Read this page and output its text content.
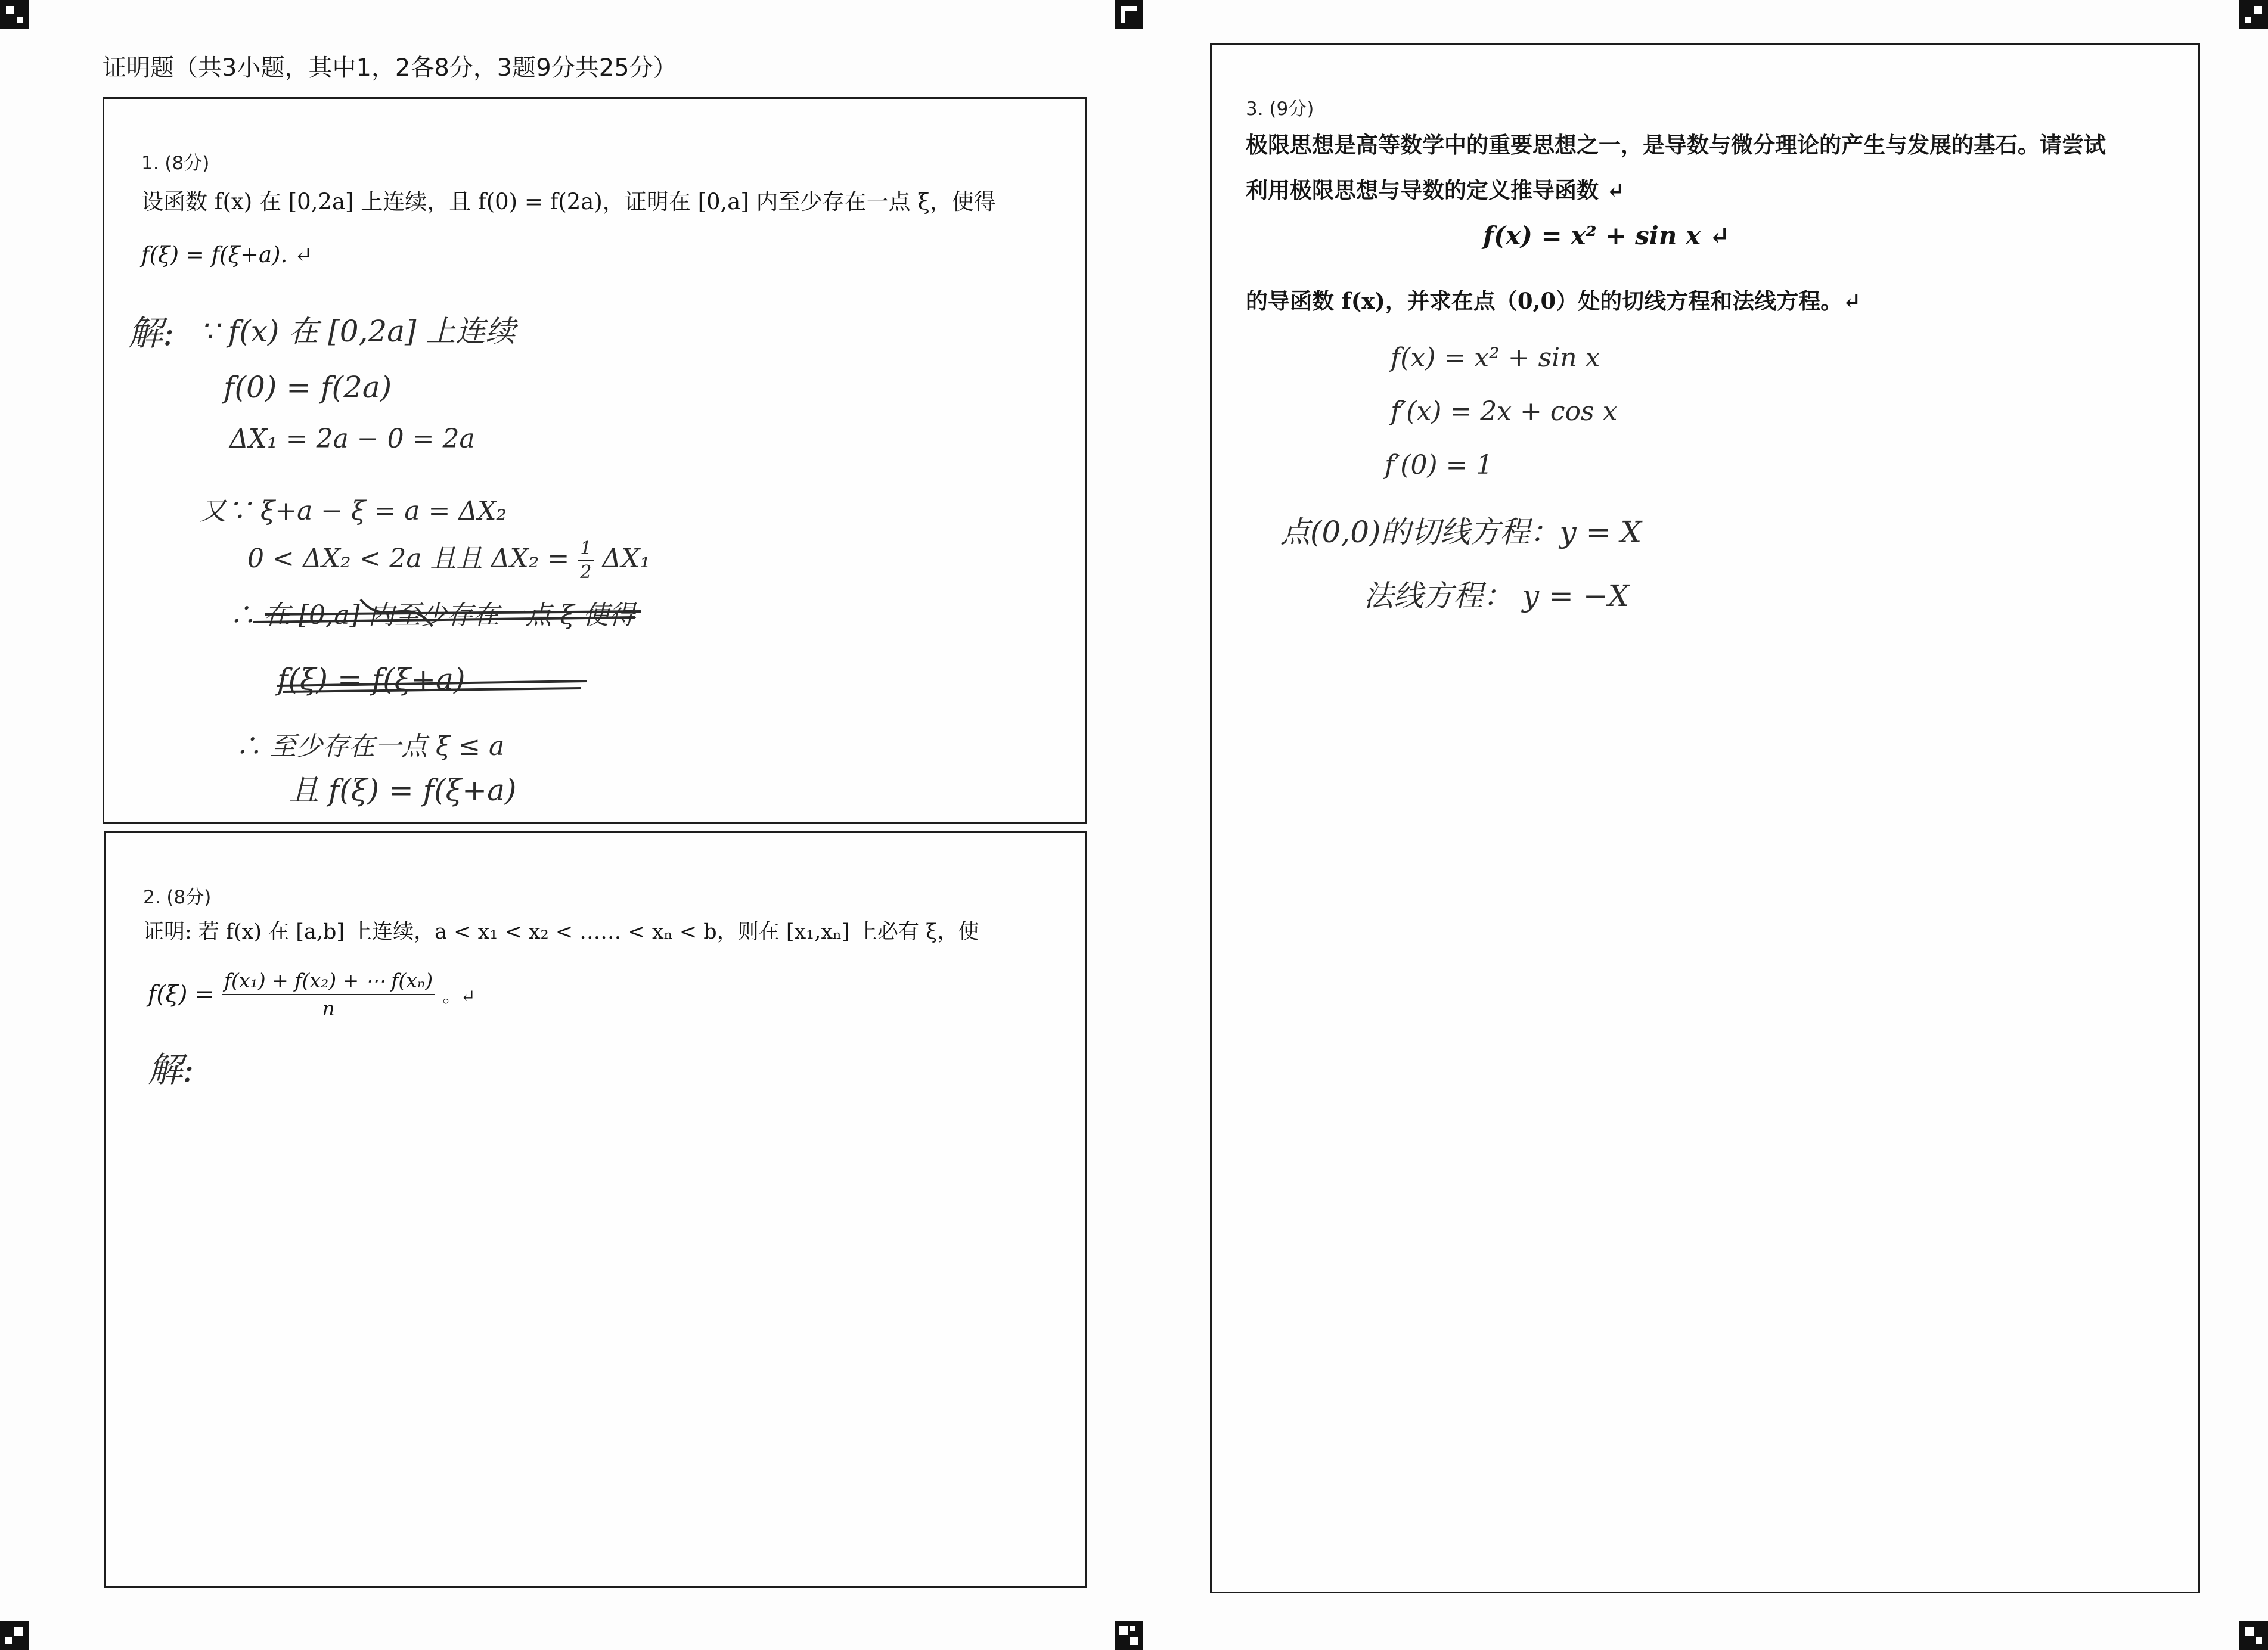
证明题（共3小题，其中1，2各8分，3题9分共25分）
1. (8分)
设函数 f(x) 在 [0,2a] 上连续，且 f(0) = f(2a)，证明在 [0,a] 内至少存在一点 ξ，使得
f(ξ) = f(ξ+a). ↵
解: ∵ f(x) 在 [0,2a] 上连续
f(0) = f(2a)
ΔX₁ = 2a − 0 = 2a
又∵ ξ+a − ξ = a = ΔX₂
0 < ΔX₂ < 2a 且且 $\Delta X_2 = \frac{1}{2} \Delta X_1$
∴ 在 [0,a] 内至少存在一点 ξ 使得
f(ξ) = f(ξ+a)
∴ 至少存在一点 ξ ≤ a
且 f(ξ) = f(ξ+a)
2. (8分)
证明: 若 f(x) 在 [a,b] 上连续，a < x₁ < x₂ < …… < xₙ < b，则在 [x₁,xₙ] 上必有 ξ，使
$f(\xi) = \frac{\text{f(x₁) + f(x₂) + ⋯ f(xₙ)}}{n}$ 。↵
解:
3. (9分)
极限思想是高等数学中的重要思想之一，是导数与微分理论的产生与发展的基石。请尝试
利用极限思想与导数的定义推导函数 ↵
f(x) = x² + sin x ↵
的导函数 f(x)，并求在点（0,0）处的切线方程和法线方程。↵
f(x) = x² + sin x
f′(x) = 2x + cos x
f′(0) = 1
点(0,0)的切线方程：y = X
法线方程： y = −X
